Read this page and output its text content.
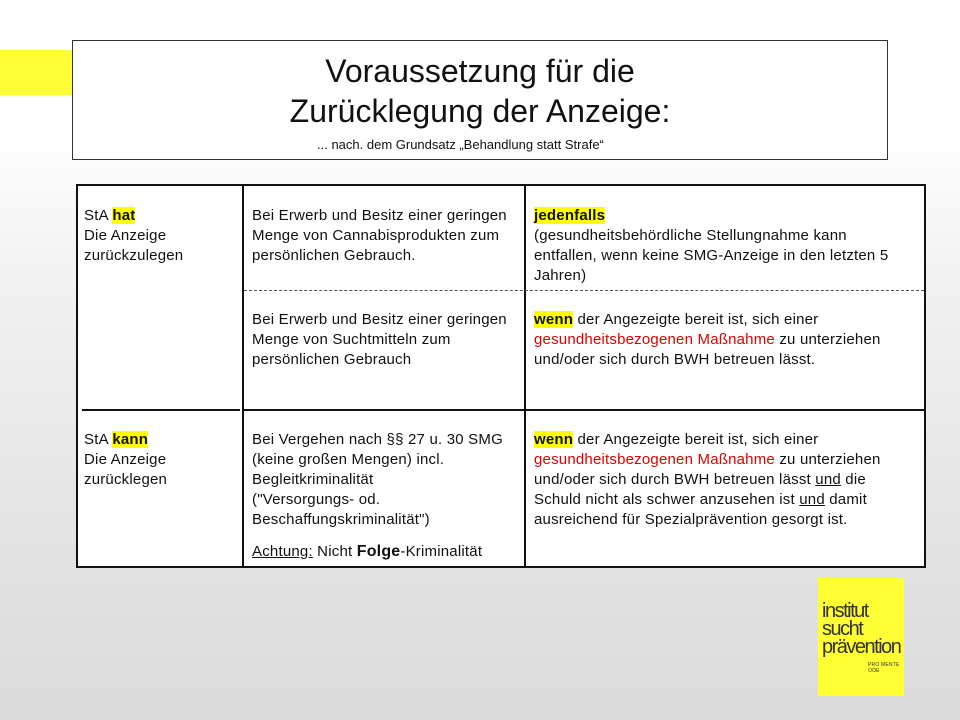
Voraussetzung für die
Zurücklegung der Anzeige:
... nach. dem Grundsatz „Behandlung statt Strafe“
StA hat
Die Anzeige
zurückzulegen
Bei Erwerb und Besitz einer geringen
Menge von Cannabisprodukten zum
persönlichen Gebrauch.
jedenfalls
(gesundheitsbehördliche Stellungnahme kann
entfallen, wenn keine SMG-Anzeige in den letzten 5
Jahren)
Bei Erwerb und Besitz einer geringen
Menge von Suchtmitteln zum
persönlichen Gebrauch
wenn der Angezeigte bereit ist, sich einer
gesundheitsbezogenen Maßnahme zu unterziehen
und/oder sich durch BWH betreuen lässt.
StA kann
Die Anzeige
zurücklegen
Bei Vergehen nach §§ 27 u. 30 SMG
(keine großen Mengen) incl.
Begleitkriminalität
("Versorgungs- od.
Beschaffungskriminalität")
Achtung: Nicht Folge-Kriminalität
wenn der Angezeigte bereit ist, sich einer
gesundheitsbezogenen Maßnahme zu unterziehen
und/oder sich durch BWH betreuen lässt und die
Schuld nicht als schwer anzusehen ist und damit
ausreichend für Spezialprävention gesorgt ist.
institut
sucht
prävention
PRO MENTE OÖE
